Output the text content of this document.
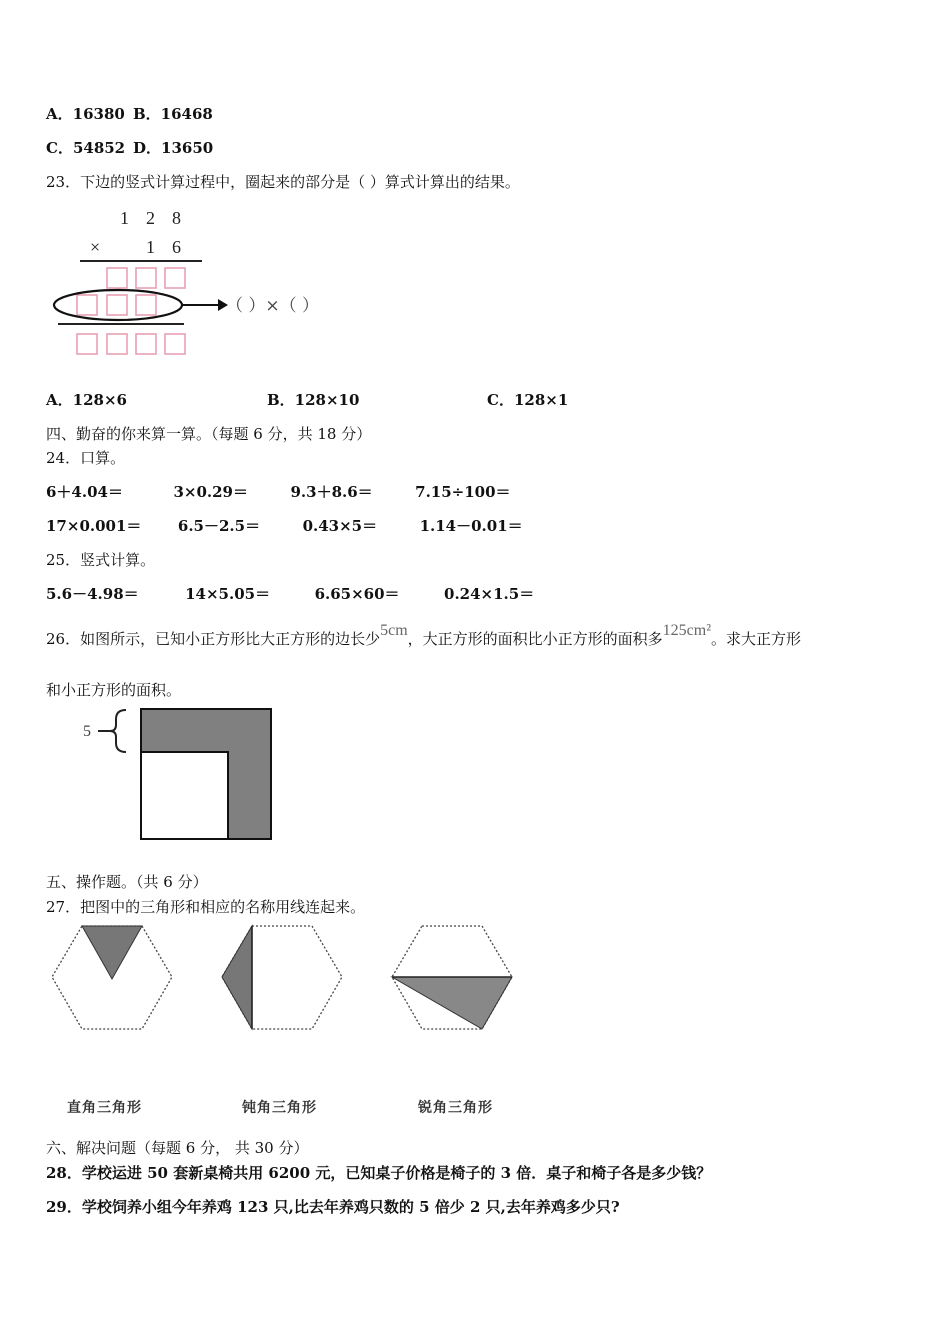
A．16380 B．16468
C．54852 D．13650
23．下边的竖式计算过程中，圈起来的部分是（ ）算式计算出的结果。
1 2 8
×	1 6
（ ）×（ ）
A．128×6	B．128×10	C．128×1
四、勤奋的你来算一算。（每题 6 分，共 18 分）
24．口算。
6＋4.04＝	3×0.29＝	9.3＋8.6＝	7.15÷100＝
17×0.001＝ 6.5－2.5＝	0.43×5＝	1.14－0.01＝
25．竖式计算。
5.6－4.98＝	14×5.05＝	6.65×60＝	0.24×1.5＝
26．如图所示，已知小正方形比大正方形的边长少5cm，大正方形的面积比小正方形的面积多125cm²。求大正方形
和小正方形的面积。
5
五、操作题。（共 6 分）
27．把图中的三角形和相应的名称用线连起来。
直角三角形	钝角三角形	锐角三角形
六、解决问题（每题 6 分， 共 30 分）
28．学校运进 50 套新桌椅共用 6200 元，已知桌子价格是椅子的 3 倍．桌子和椅子各是多少钱？
29．学校饲养小组今年养鸡 123 只,比去年养鸡只数的 5 倍少 2 只,去年养鸡多少只?
